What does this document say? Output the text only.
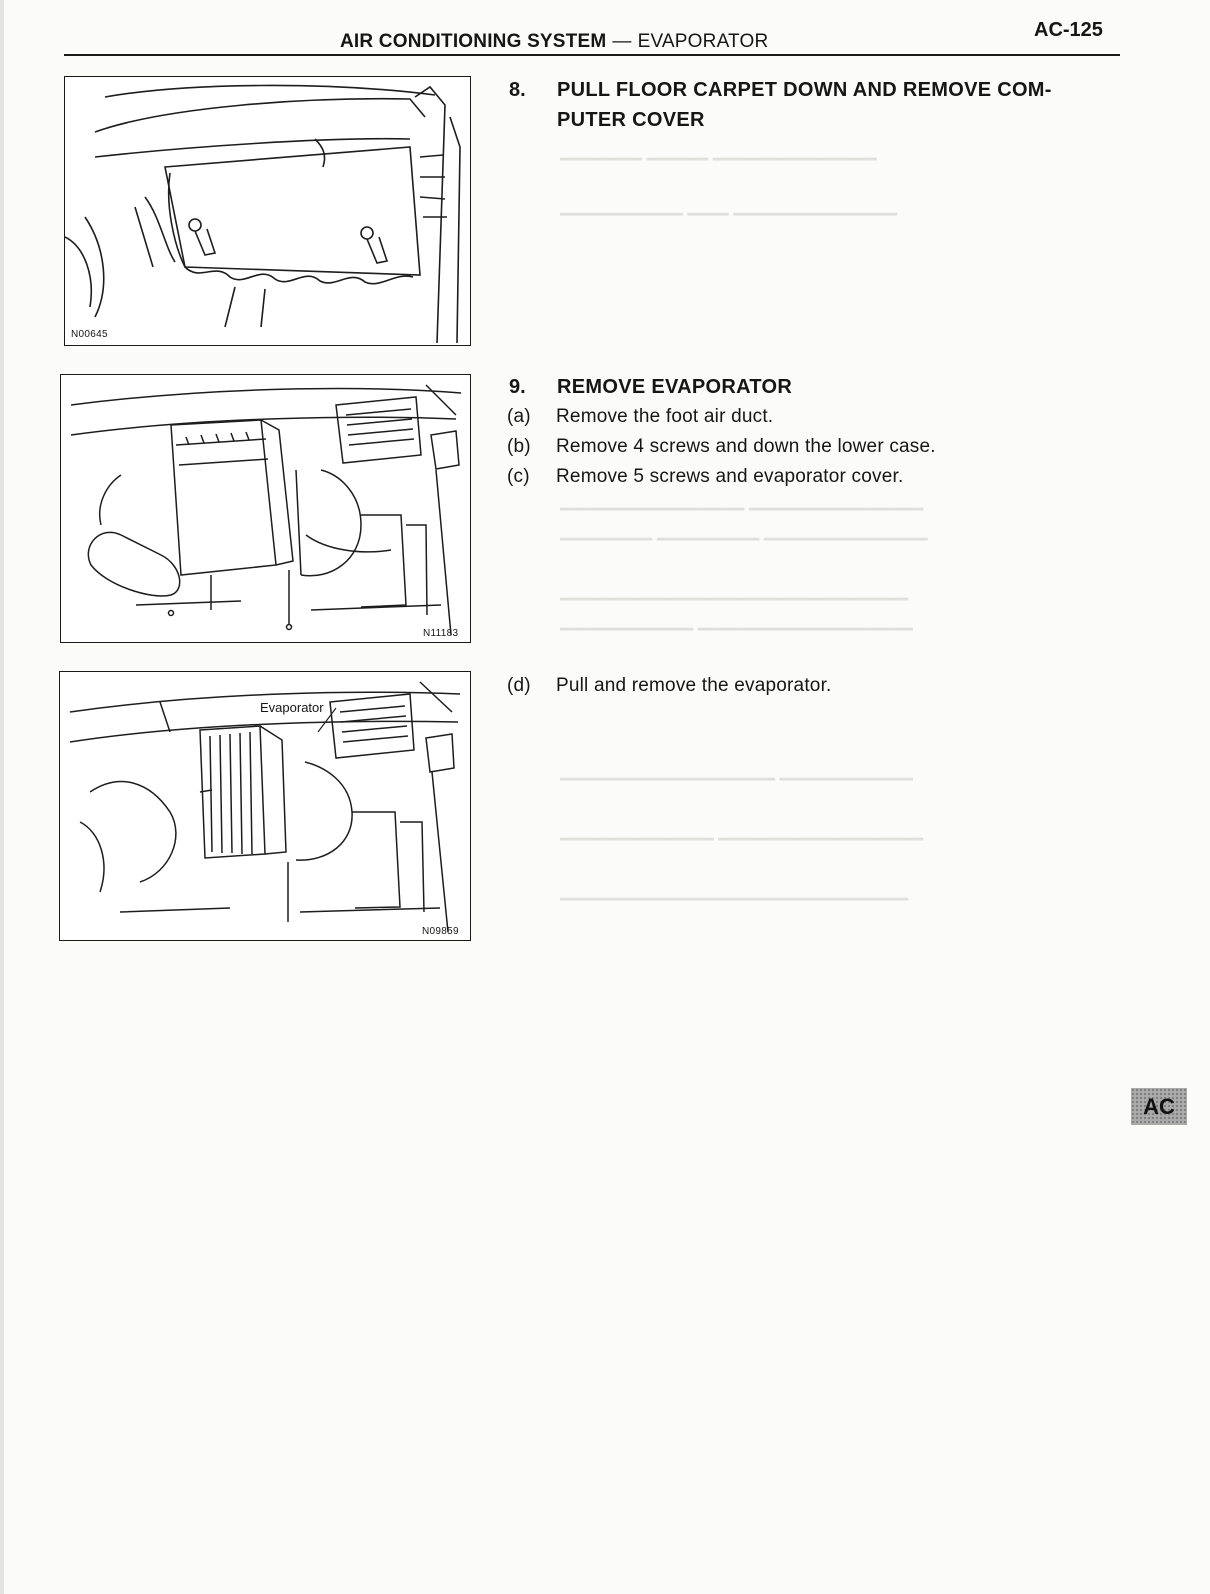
━━━━━━━━ ━━━━━━ ━━━━━━━━━━━━━━━━
━━━━━━━━━━━━ ━━━━ ━━━━━━━━━━━━━━━━
━━━━━━━━━━━━━━━━━━ ━━━━━━━━━━━━━━━━━
━━━━━━━━━ ━━━━━━━━━━ ━━━━━━━━━━━━━━━━
━━━━━━━━━━━━━━━━━━━━━━━━━━━━━━━━━━
━━━━━━━━━━━━━ ━━━━━━━━━━━━━━━━━━━━━
━━━━━━━━━━━━━━━━━━━━━ ━━━━━━━━━━━━━
━━━━━━━━━━━━━━━ ━━━━━━━━━━━━━━━━━━━━
━━━━━━━━━━━━━━━━━━━━━━━━━━━━━━━━━━
AIR CONDITIONING SYSTEM — EVAPORATOR
AC-125
N00645
N11183
Evaporator
N09859
8. PULL FLOOR CARPET DOWN AND REMOVE COM-
PUTER COVER
9. REMOVE EVAPORATOR
(a) Remove the foot air duct.
(b) Remove 4 screws and down the lower case.
(c) Remove 5 screws and evaporator cover.
(d) Pull and remove the evaporator.
AC
